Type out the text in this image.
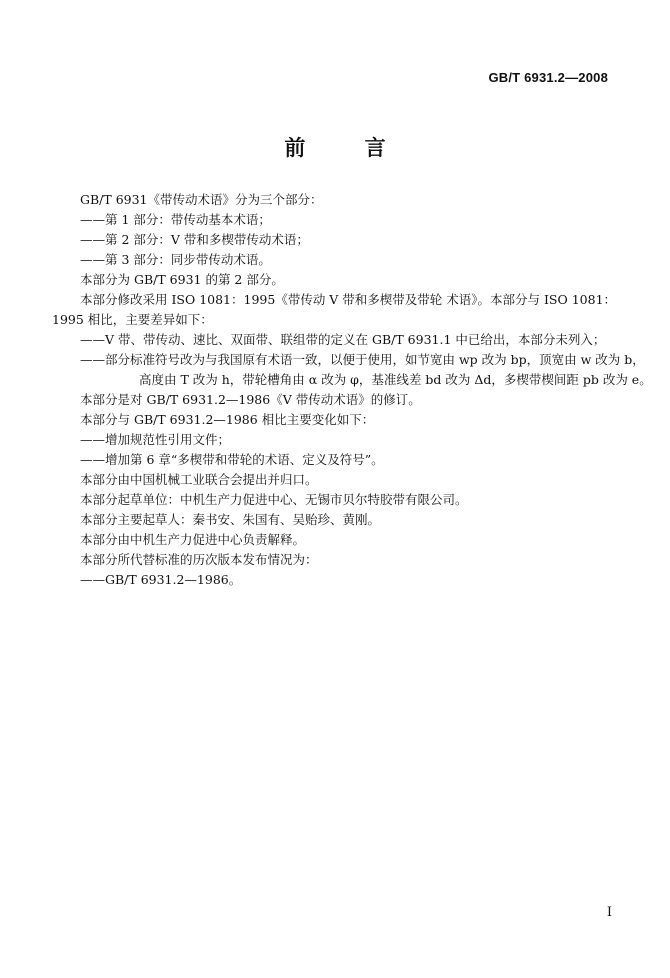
GB/T 6931.2—2008
前 言
GB/T 6931《带传动术语》分为三个部分：
——第 1 部分：带传动基本术语；
——第 2 部分：V 带和多楔带传动术语；
——第 3 部分：同步带传动术语。
本部分为 GB/T 6931 的第 2 部分。
本部分修改采用 ISO 1081：1995《带传动 V 带和多楔带及带轮 术语》。本部分与 ISO 1081：
1995 相比，主要差异如下：
——V 带、带传动、速比、双面带、联组带的定义在 GB/T 6931.1 中已给出，本部分未列入；
——部分标准符号改为与我国原有术语一致，以便于使用，如节宽由 wp 改为 bp，顶宽由 w 改为 b，
高度由 T 改为 h，带轮槽角由 α 改为 φ，基准线差 bd 改为 Δd，多楔带楔间距 pb 改为 e。
本部分是对 GB/T 6931.2—1986《V 带传动术语》的修订。
本部分与 GB/T 6931.2—1986 相比主要变化如下：
——增加规范性引用文件；
——增加第 6 章“多楔带和带轮的术语、定义及符号”。
本部分由中国机械工业联合会提出并归口。
本部分起草单位：中机生产力促进中心、无锡市贝尔特胶带有限公司。
本部分主要起草人：秦书安、朱国有、吴贻珍、黄刚。
本部分由中机生产力促进中心负责解释。
本部分所代替标准的历次版本发布情况为：
——GB/T 6931.2—1986。
I
